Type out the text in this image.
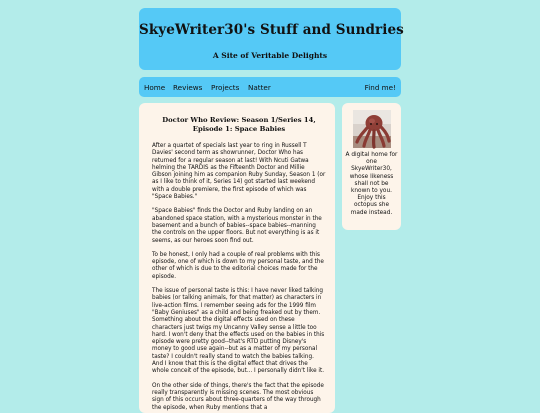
SkyeWriter30's Stuff and Sundries

A Site of Veritable Delights

Home Reviews Projects Natter	Find me!
Doctor Who Review: Season 1/Series 14, Episode 1: Space Babies

After a quartet of specials last year to ring in Russell T Davies' second term as showrunner, Doctor Who has returned for a regular season at last! With Ncuti Gatwa helming the TARDIS as the Fifteenth Doctor and Millie Gibson joining him as companion Ruby Sunday, Season 1 (or as I like to think of it, Series 14) got started last weekend with a double premiere, the first episode of which was "Space Babies."

"Space Babies" finds the Doctor and Ruby landing on an abandoned space station, with a mysterious monster in the basement and a bunch of babies--space babies--manning the controls on the upper floors. But not everything is as it seems, as our heroes soon find out.

To be honest, I only had a couple of real problems with this episode, one of which is down to my personal taste, and the other of which is due to the editorial choices made for the episode.

The issue of personal taste is this: I have never liked talking babies (or talking animals, for that matter) as characters in live-action films. I remember seeing ads for the 1999 film "Baby Geniuses" as a child and being freaked out by them. Something about the digital effects used on these characters just twigs my Uncanny Valley sense a little too hard. I won't deny that the effects used on the babies in this episode were pretty good--that's RTD putting Disney's money to good use again--but as a matter of my personal taste? I couldn't really stand to watch the babies talking. And I know that this is the digital effect that drives the whole conceit of the episode, but... I personally didn't like it.

On the other side of things, there's the fact that the episode really transparently is missing scenes. The most obvious sign of this occurs about three-quarters of the way through the episode, when Ruby mentions that a

A digital home for one SkyeWriter30, whose likeness shall not be known to you. Enjoy this octopus she made instead.
